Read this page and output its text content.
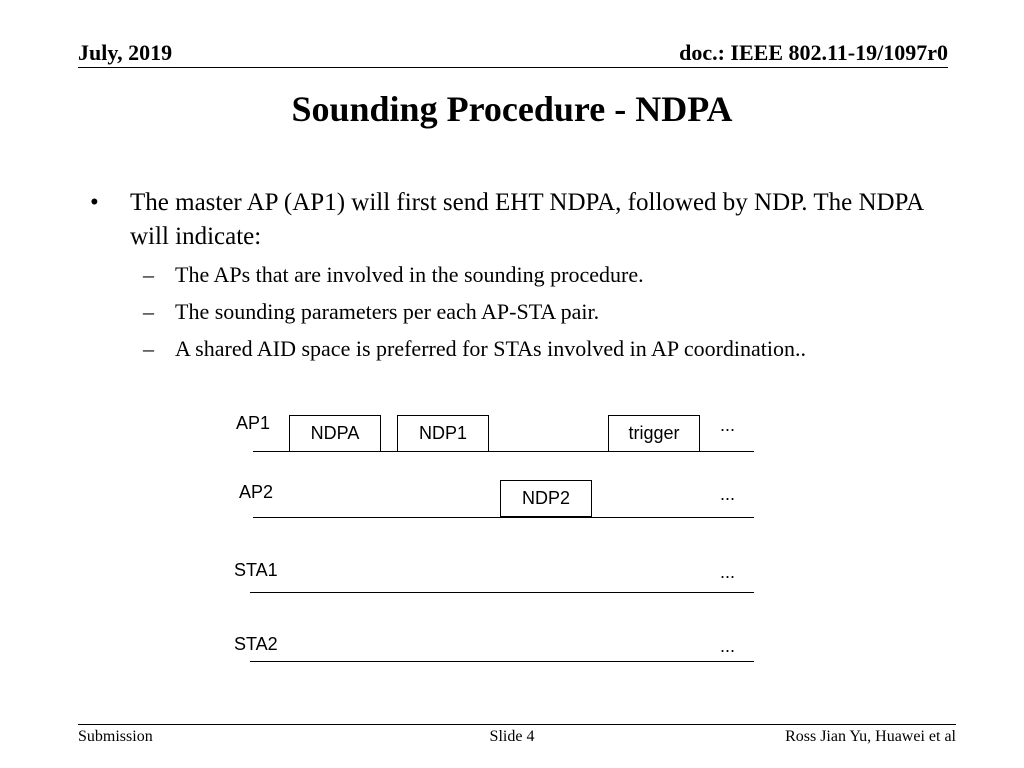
July, 2019	doc.: IEEE 802.11-19/1097r0
Sounding Procedure - NDPA
• The master AP (AP1) will first send EHT NDPA, followed by NDP. The NDPA will indicate:
– The APs that are involved in the sounding procedure.
– The sounding parameters per each AP-STA pair.
– A shared AID space is preferred for STAs involved in AP coordination..
AP1	NDPA	NDP1	trigger	...
AP2	NDP2	...
STA1	...
STA2	...
Submission	Slide 4	Ross Jian Yu, Huawei et al
